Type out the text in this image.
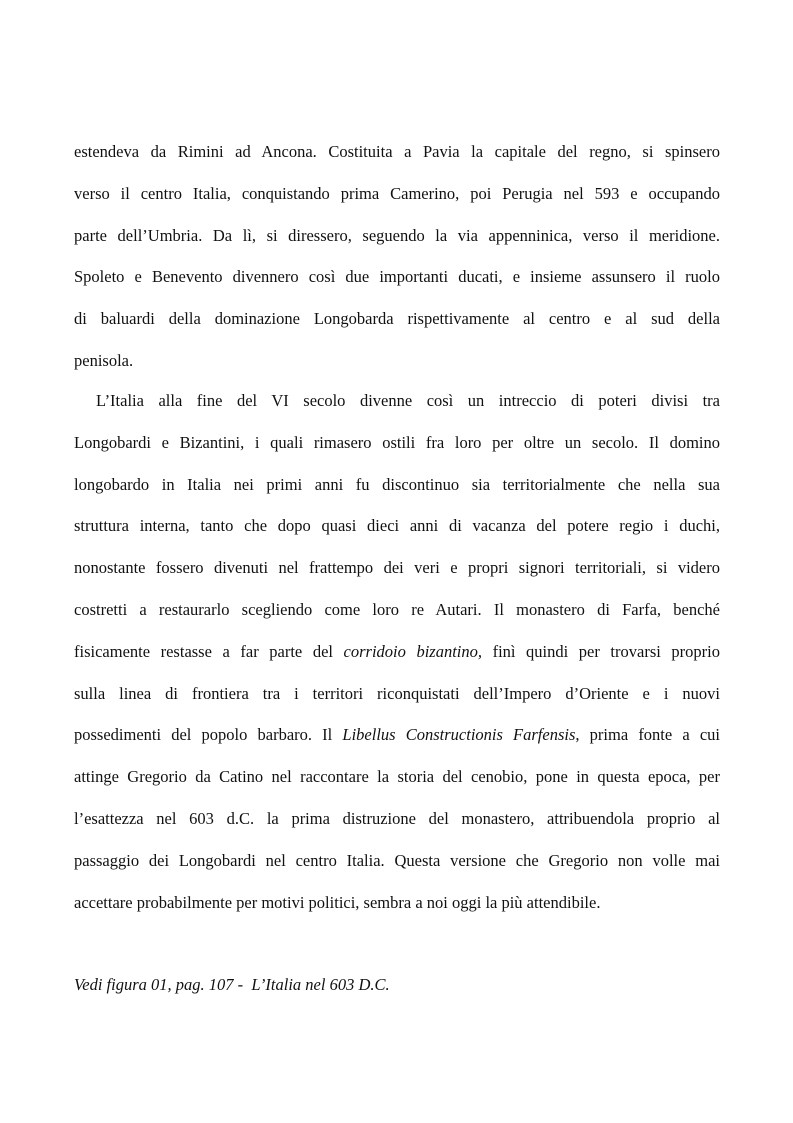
estendeva da Rimini ad Ancona. Costituita a Pavia la capitale del regno, si spinsero
verso il centro Italia, conquistando prima Camerino, poi Perugia nel 593 e occupando
parte dell’Umbria. Da lì, si diressero, seguendo la via appenninica, verso il meridione.
Spoleto e Benevento divennero così due importanti ducati, e insieme assunsero il ruolo
di baluardi della dominazione Longobarda rispettivamente al centro e al sud della
penisola.
L’Italia alla fine del VI secolo divenne così un intreccio di poteri divisi tra
Longobardi e Bizantini, i quali rimasero ostili fra loro per oltre un secolo. Il domino
longobardo in Italia nei primi anni fu discontinuo sia territorialmente che nella sua
struttura interna, tanto che dopo quasi dieci anni di vacanza del potere regio i duchi,
nonostante fossero divenuti nel frattempo dei veri e propri signori territoriali, si videro
costretti a restaurarlo scegliendo come loro re Autari. Il monastero di Farfa, benché
fisicamente restasse a far parte del corridoio bizantino, finì quindi per trovarsi proprio
sulla linea di frontiera tra i territori riconquistati dell’Impero d’Oriente e i nuovi
possedimenti del popolo barbaro. Il Libellus Constructionis Farfensis, prima fonte a cui
attinge Gregorio da Catino nel raccontare la storia del cenobio, pone in questa epoca, per
l’esattezza nel 603 d.C. la prima distruzione del monastero, attribuendola proprio al
passaggio dei Longobardi nel centro Italia. Questa versione che Gregorio non volle mai
accettare probabilmente per motivi politici, sembra a noi oggi la più attendibile.
Vedi figura 01, pag. 107 -  L’Italia nel 603 D.C.
